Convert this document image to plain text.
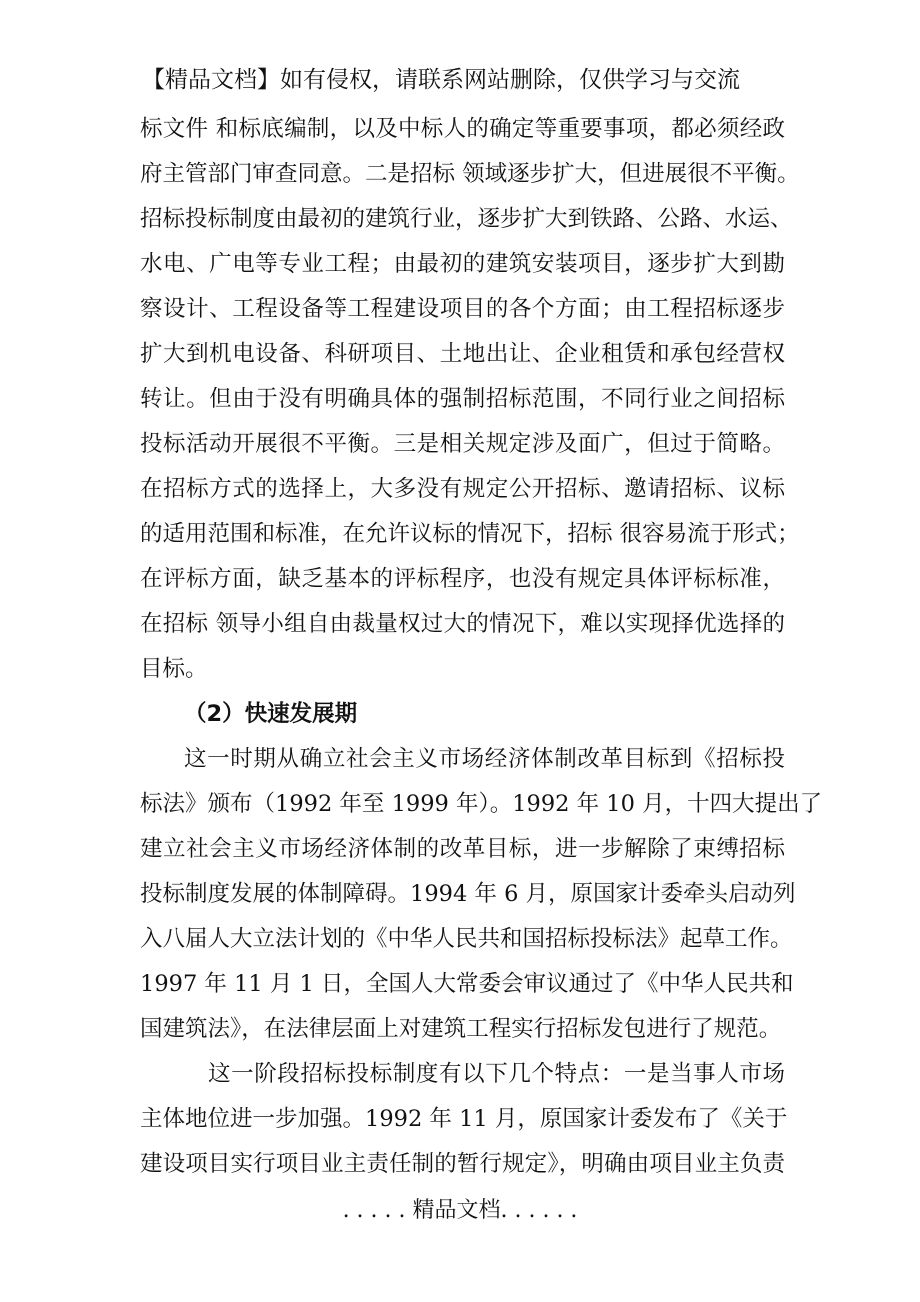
【精品文档】如有侵权，请联系网站删除，仅供学习与交流
标文件 和标底编制，以及中标人的确定等重要事项，都必须经政
府主管部门审查同意。二是招标 领域逐步扩大，但进展很不平衡。
招标投标制度由最初的建筑行业，逐步扩大到铁路、公路、水运、
水电、广电等专业工程；由最初的建筑安装项目，逐步扩大到勘
察设计、工程设备等工程建设项目的各个方面；由工程招标逐步
扩大到机电设备、科研项目、土地出让、企业租赁和承包经营权
转让。但由于没有明确具体的强制招标范围，不同行业之间招标
投标活动开展很不平衡。三是相关规定涉及面广，但过于简略。
在招标方式的选择上，大多没有规定公开招标、邀请招标、议标
的适用范围和标准，在允许议标的情况下，招标 很容易流于形式；
在评标方面，缺乏基本的评标程序，也没有规定具体评标标准，
在招标 领导小组自由裁量权过大的情况下，难以实现择优选择的
目标。
（2）快速发展期
这一时期从确立社会主义市场经济体制改革目标到《招标投
标法》颁布（1992 年至 1999 年）。1992 年 10 月，十四大提出了
建立社会主义市场经济体制的改革目标，进一步解除了束缚招标
投标制度发展的体制障碍。1994 年 6 月，原国家计委牵头启动列
入八届人大立法计划的《中华人民共和国招标投标法》起草工作。
1997 年 11 月 1 日，全国人大常委会审议通过了《中华人民共和
国建筑法》，在法律层面上对建筑工程实行招标发包进行了规范。
这一阶段招标投标制度有以下几个特点：一是当事人市场
主体地位进一步加强。1992 年 11 月，原国家计委发布了《关于
建设项目实行项目业主责任制的暂行规定》，明确由项目业主负责
. . . . . 精品文档. . . . . .
